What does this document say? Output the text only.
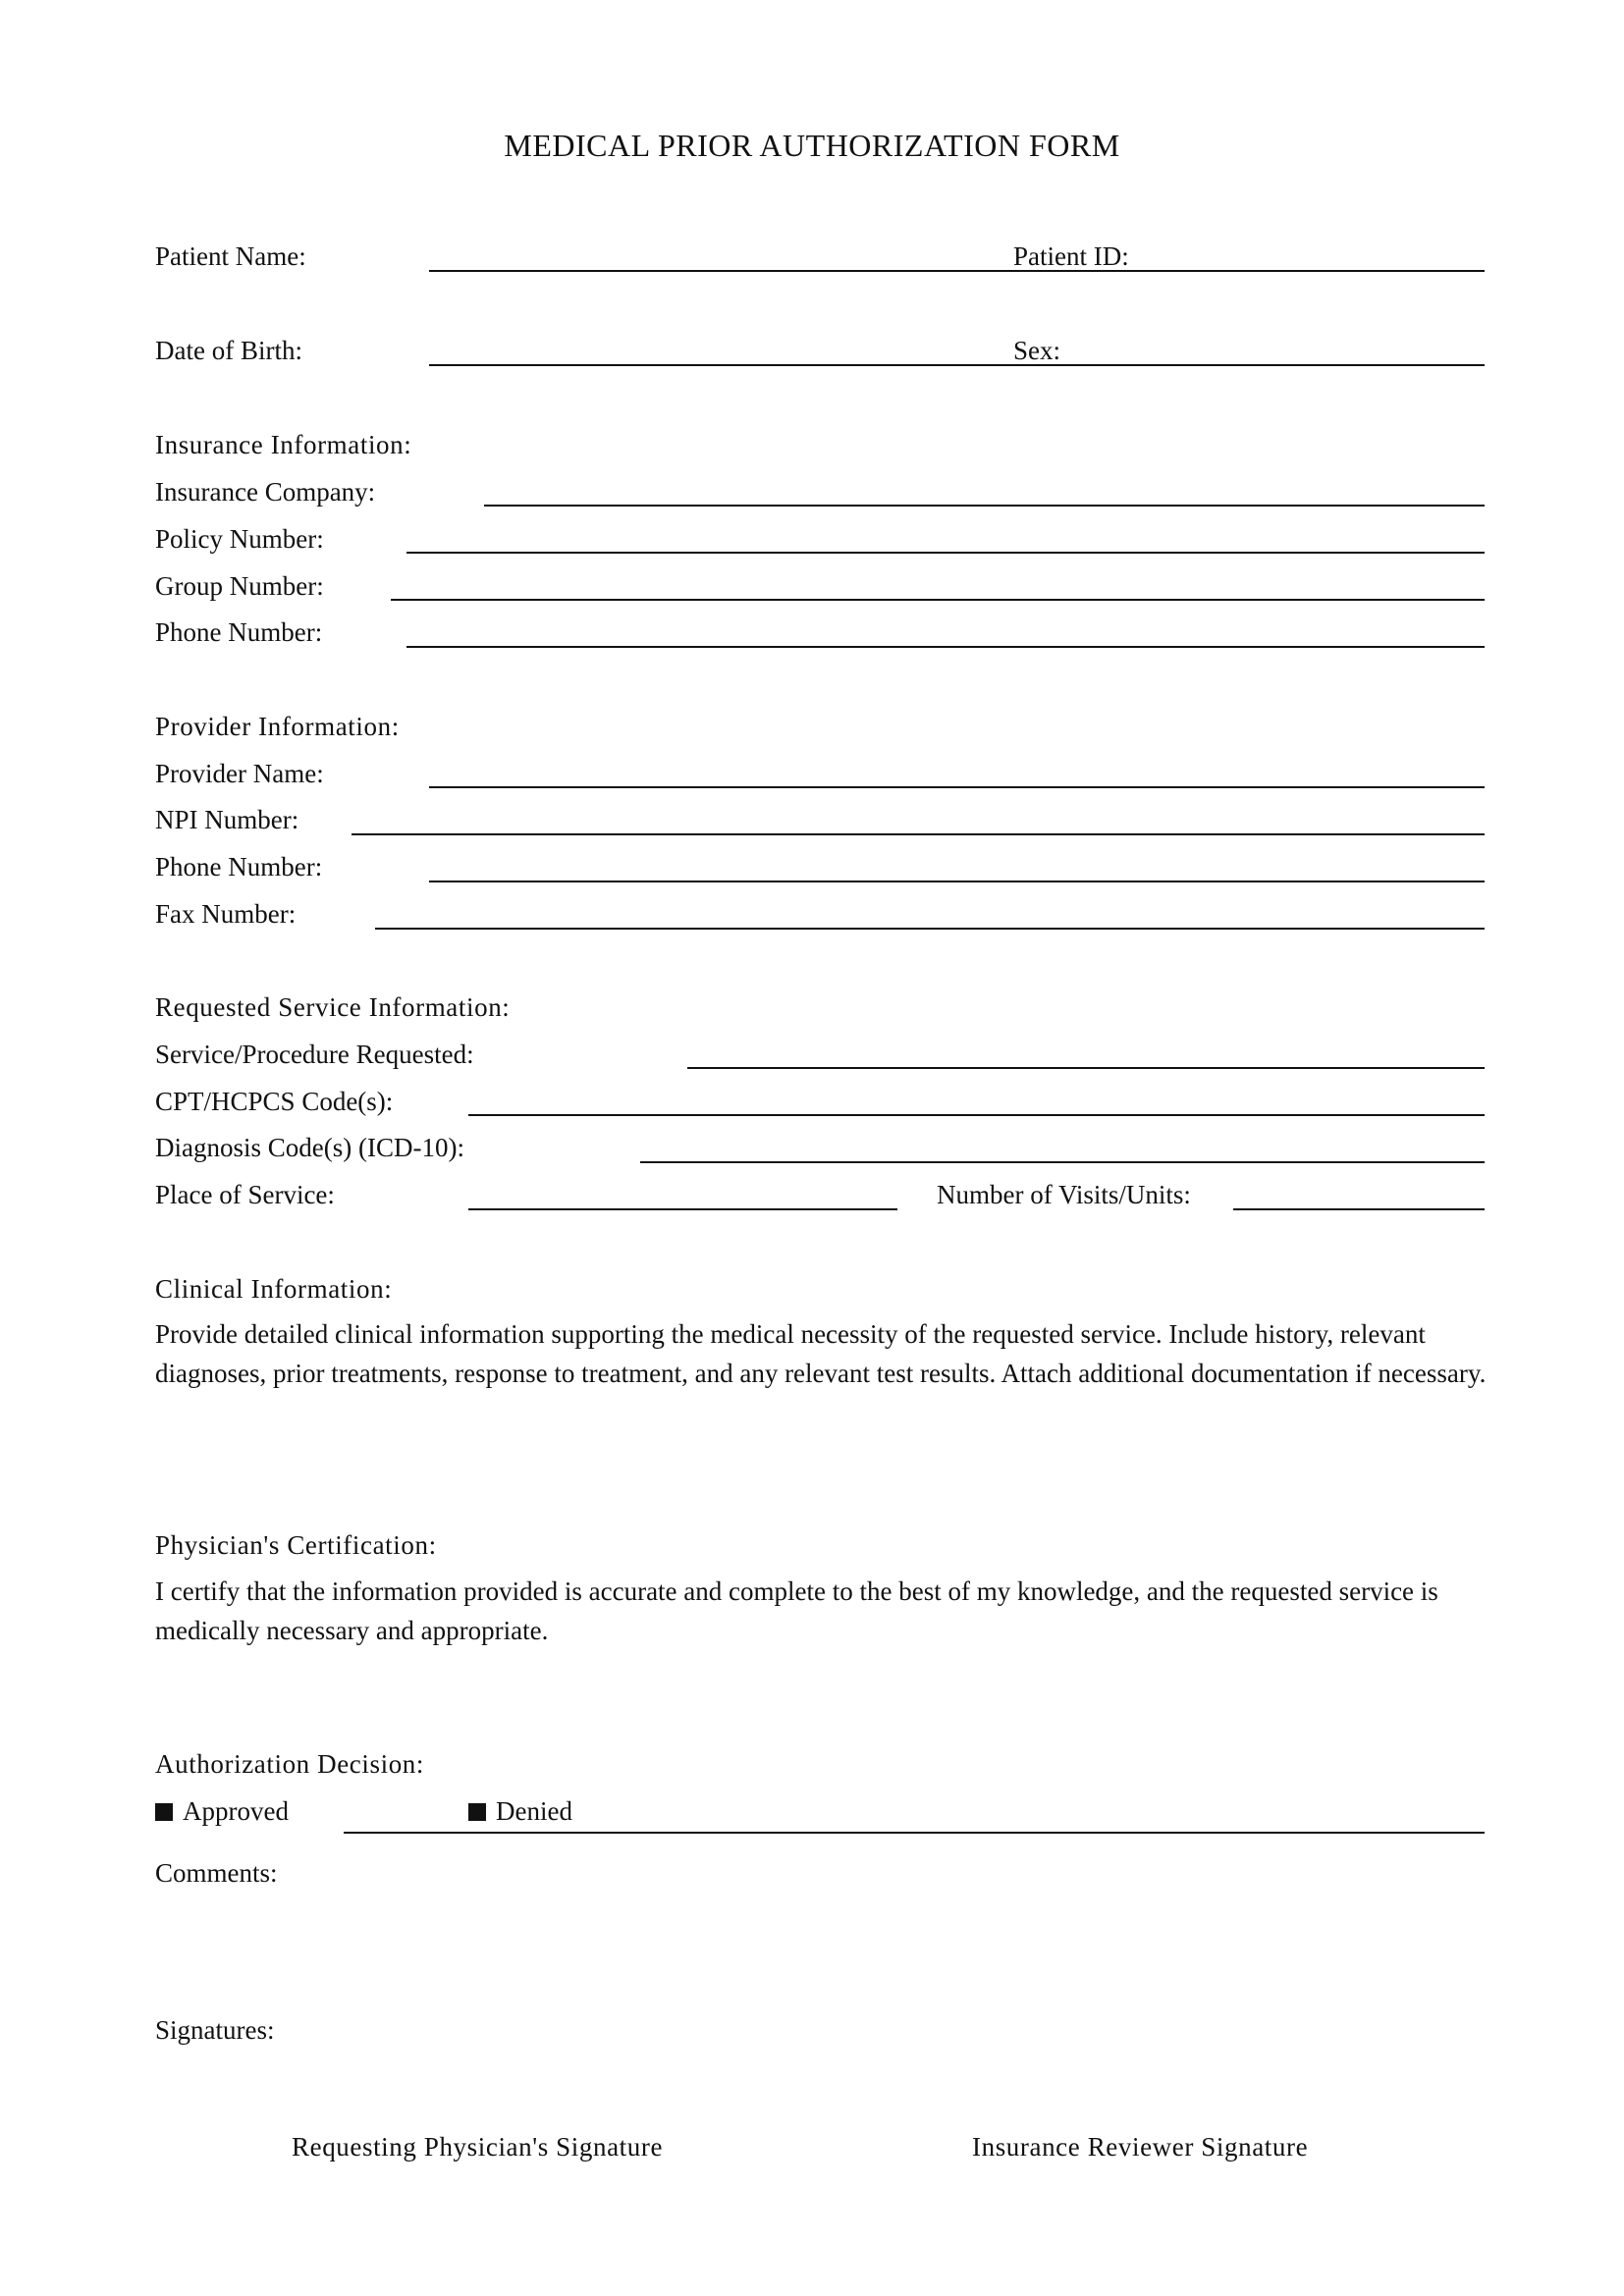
MEDICAL PRIOR AUTHORIZATION FORM
Patient Name:	Patient ID:
Date of Birth:	Sex:
Insurance Information:
Insurance Company:
Policy Number:
Group Number:
Phone Number:
Provider Information:
Provider Name:
NPI Number:
Phone Number:
Fax Number:
Requested Service Information:
Service/Procedure Requested:
CPT/HCPCS Code(s):
Diagnosis Code(s) (ICD-10):
Place of Service:	Number of Visits/Units:
Clinical Information:
Provide detailed clinical information supporting the medical necessity of the requested service. Include history, relevant diagnoses, prior treatments, response to treatment, and any relevant test results. Attach additional documentation if necessary.
Physician's Certification:
I certify that the information provided is accurate and complete to the best of my knowledge, and the requested service is medically necessary and appropriate.
Authorization Decision:
Approved	Denied
Comments:
Signatures:
Requesting Physician's Signature	Insurance Reviewer Signature
